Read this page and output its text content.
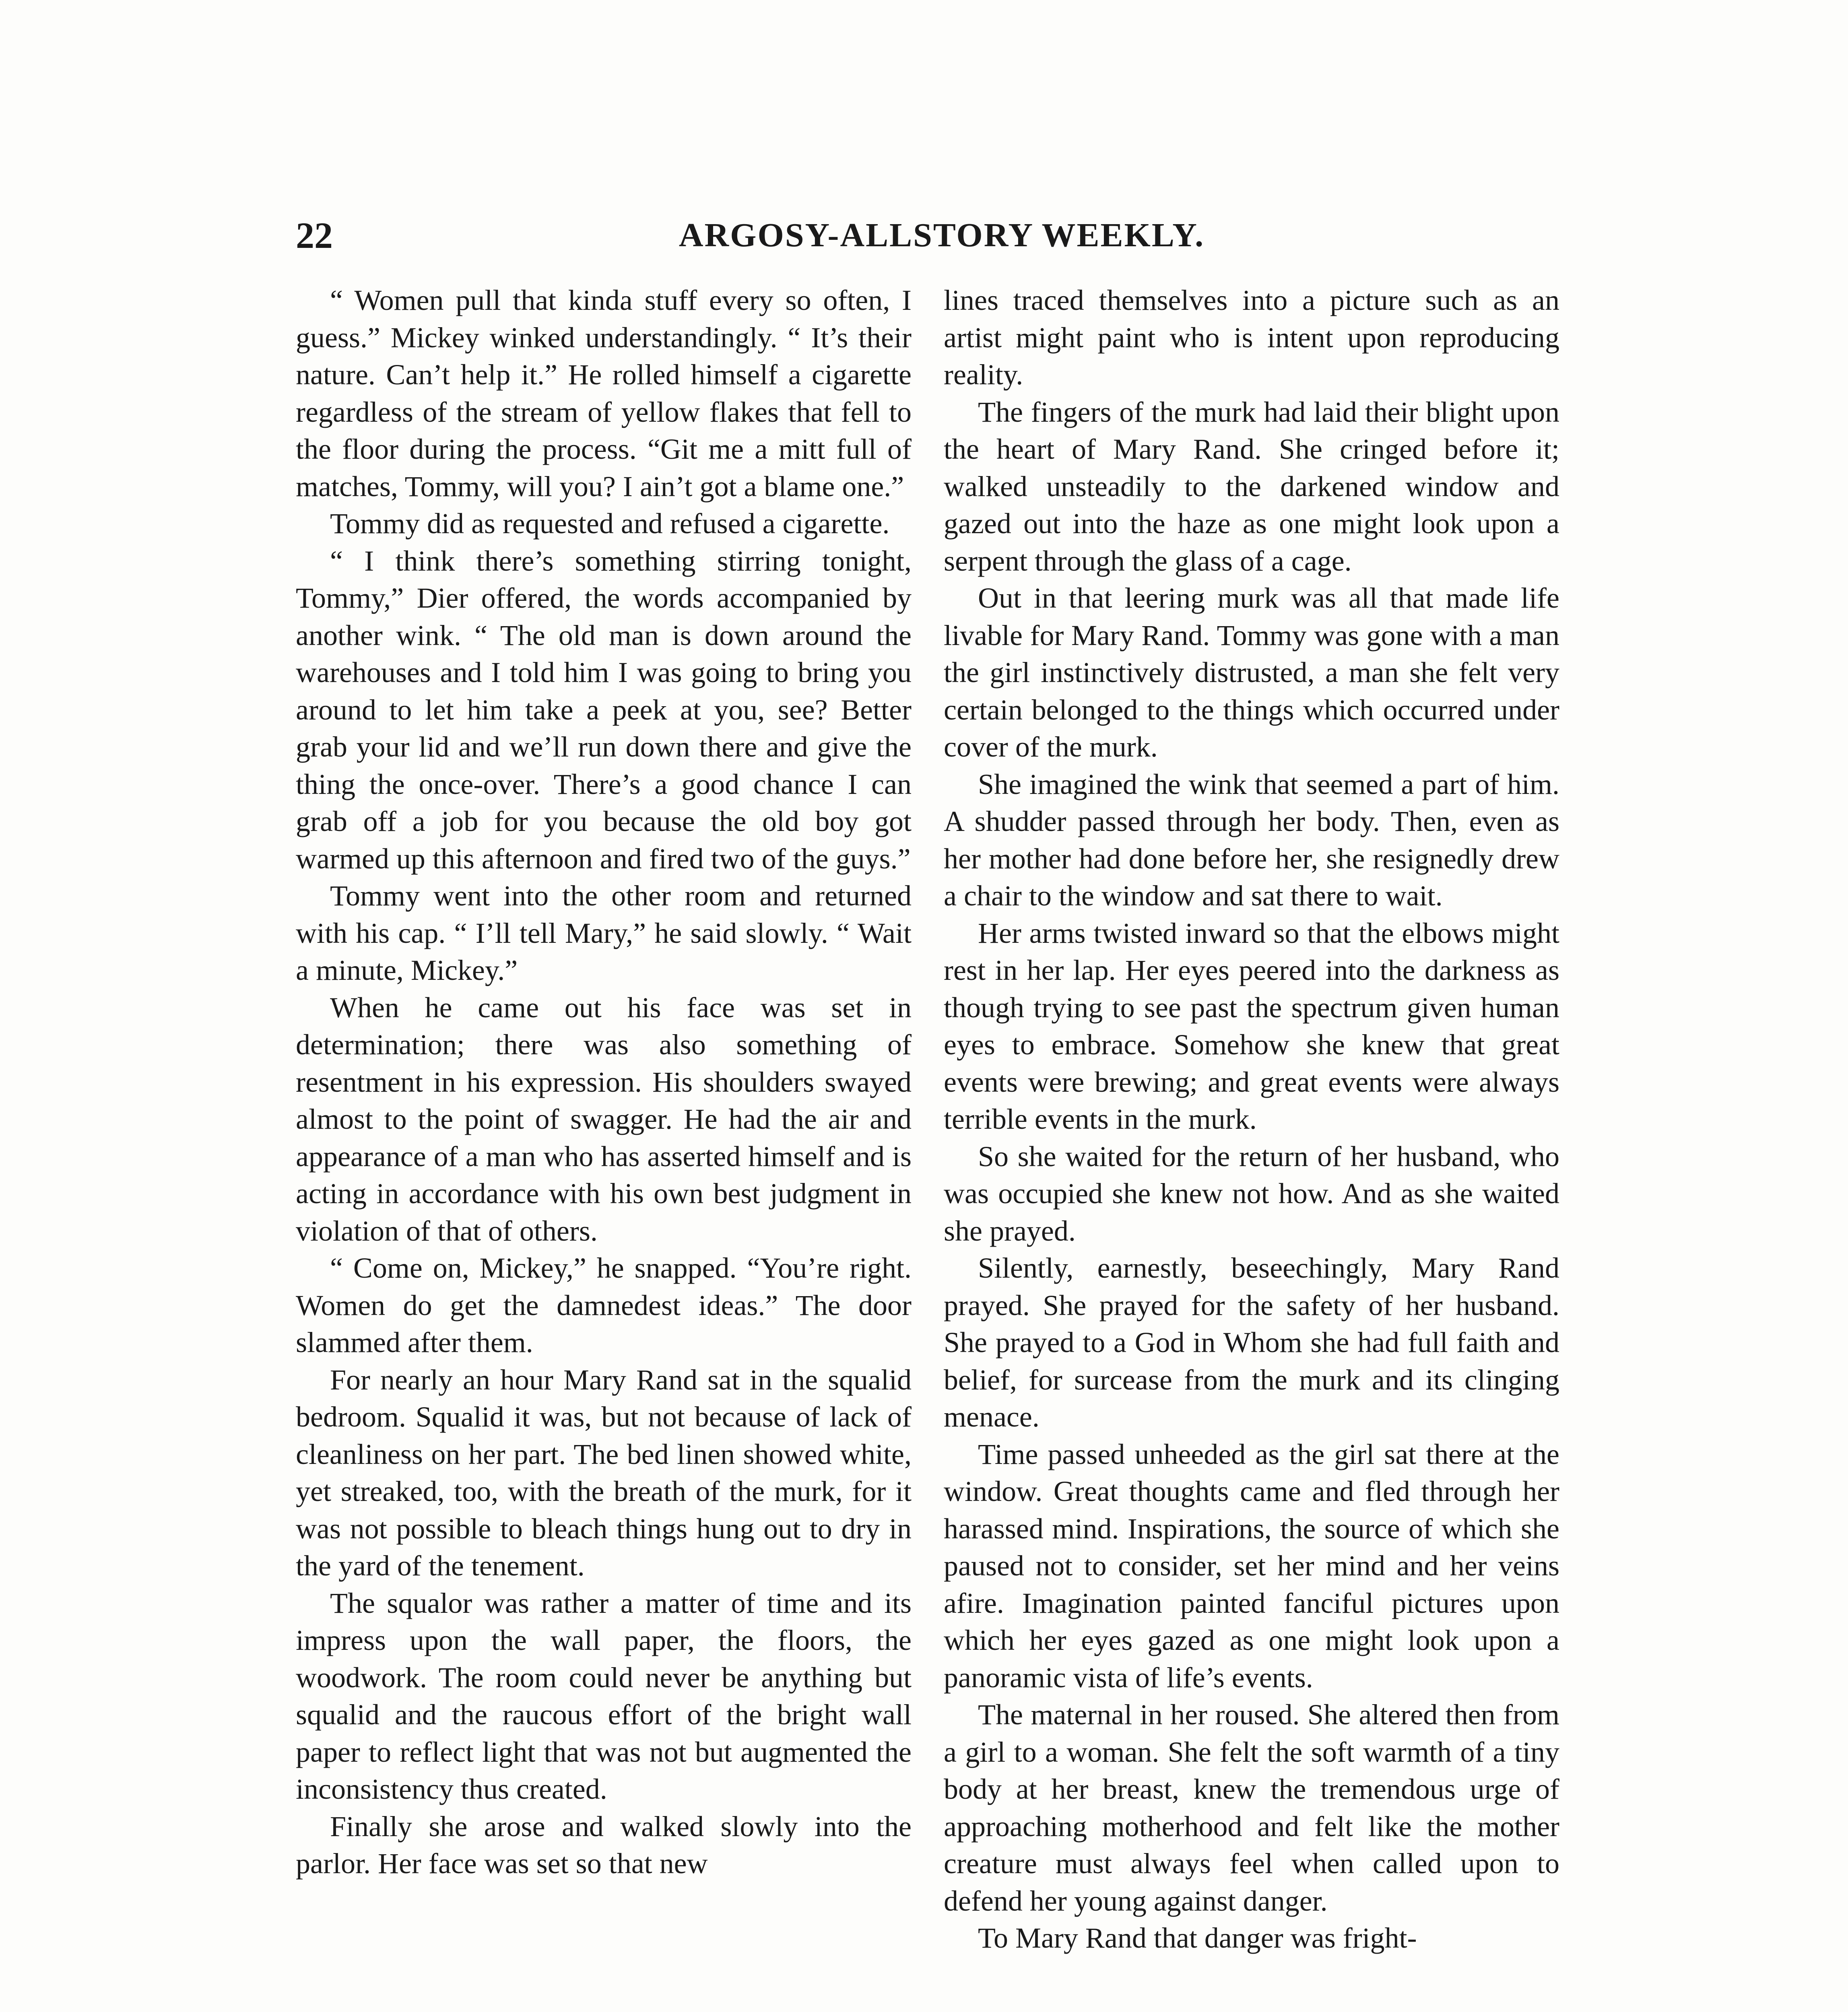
22	ARGOSY-ALLSTORY WEEKLY.

“ Women pull that kinda stuff every so often, I guess.” Mickey winked understandingly. “ It’s their nature. Can’t help it.” He rolled himself a cigarette regardless of the stream of yellow flakes that fell to the floor during the process. “Git me a mitt full of matches, Tommy, will you? I ain’t got a blame one.”

Tommy did as requested and refused a cigarette.

“ I think there’s something stirring tonight, Tommy,” Dier offered, the words accompanied by another wink. “ The old man is down around the warehouses and I told him I was going to bring you around to let him take a peek at you, see? Better grab your lid and we’ll run down there and give the thing the once-over. There’s a good chance I can grab off a job for you because the old boy got warmed up this afternoon and fired two of the guys.”

Tommy went into the other room and returned with his cap. “ I’ll tell Mary,” he said slowly. “ Wait a minute, Mickey.”

When he came out his face was set in determination; there was also something of resentment in his expression. His shoulders swayed almost to the point of swagger. He had the air and appearance of a man who has asserted himself and is acting in accordance with his own best judgment in violation of that of others.

“ Come on, Mickey,” he snapped. “You’re right. Women do get the damnedest ideas.” The door slammed after them.

For nearly an hour Mary Rand sat in the squalid bedroom. Squalid it was, but not because of lack of cleanliness on her part. The bed linen showed white, yet streaked, too, with the breath of the murk, for it was not possible to bleach things hung out to dry in the yard of the tenement.

The squalor was rather a matter of time and its impress upon the wall paper, the floors, the woodwork. The room could never be anything but squalid and the raucous effort of the bright wall paper to reflect light that was not but augmented the inconsistency thus created.

Finally she arose and walked slowly into the parlor. Her face was set so that new

lines traced themselves into a picture such as an artist might paint who is intent upon reproducing reality.

The fingers of the murk had laid their blight upon the heart of Mary Rand. She cringed before it; walked unsteadily to the darkened window and gazed out into the haze as one might look upon a serpent through the glass of a cage.

Out in that leering murk was all that made life livable for Mary Rand. Tommy was gone with a man the girl instinctively distrusted, a man she felt very certain belonged to the things which occurred under cover of the murk.

She imagined the wink that seemed a part of him. A shudder passed through her body. Then, even as her mother had done before her, she resignedly drew a chair to the window and sat there to wait.

Her arms twisted inward so that the elbows might rest in her lap. Her eyes peered into the darkness as though trying to see past the spectrum given human eyes to embrace. Somehow she knew that great events were brewing; and great events were always terrible events in the murk.

So she waited for the return of her husband, who was occupied she knew not how. And as she waited she prayed.

Silently, earnestly, beseechingly, Mary Rand prayed. She prayed for the safety of her husband. She prayed to a God in Whom she had full faith and belief, for surcease from the murk and its clinging menace.

Time passed unheeded as the girl sat there at the window. Great thoughts came and fled through her harassed mind. Inspirations, the source of which she paused not to consider, set her mind and her veins afire. Imagination painted fanciful pictures upon which her eyes gazed as one might look upon a panoramic vista of life’s events.

The maternal in her roused. She altered then from a girl to a woman. She felt the soft warmth of a tiny body at her breast, knew the tremendous urge of approaching motherhood and felt like the mother creature must always feel when called upon to defend her young against danger.

To Mary Rand that danger was fright-
